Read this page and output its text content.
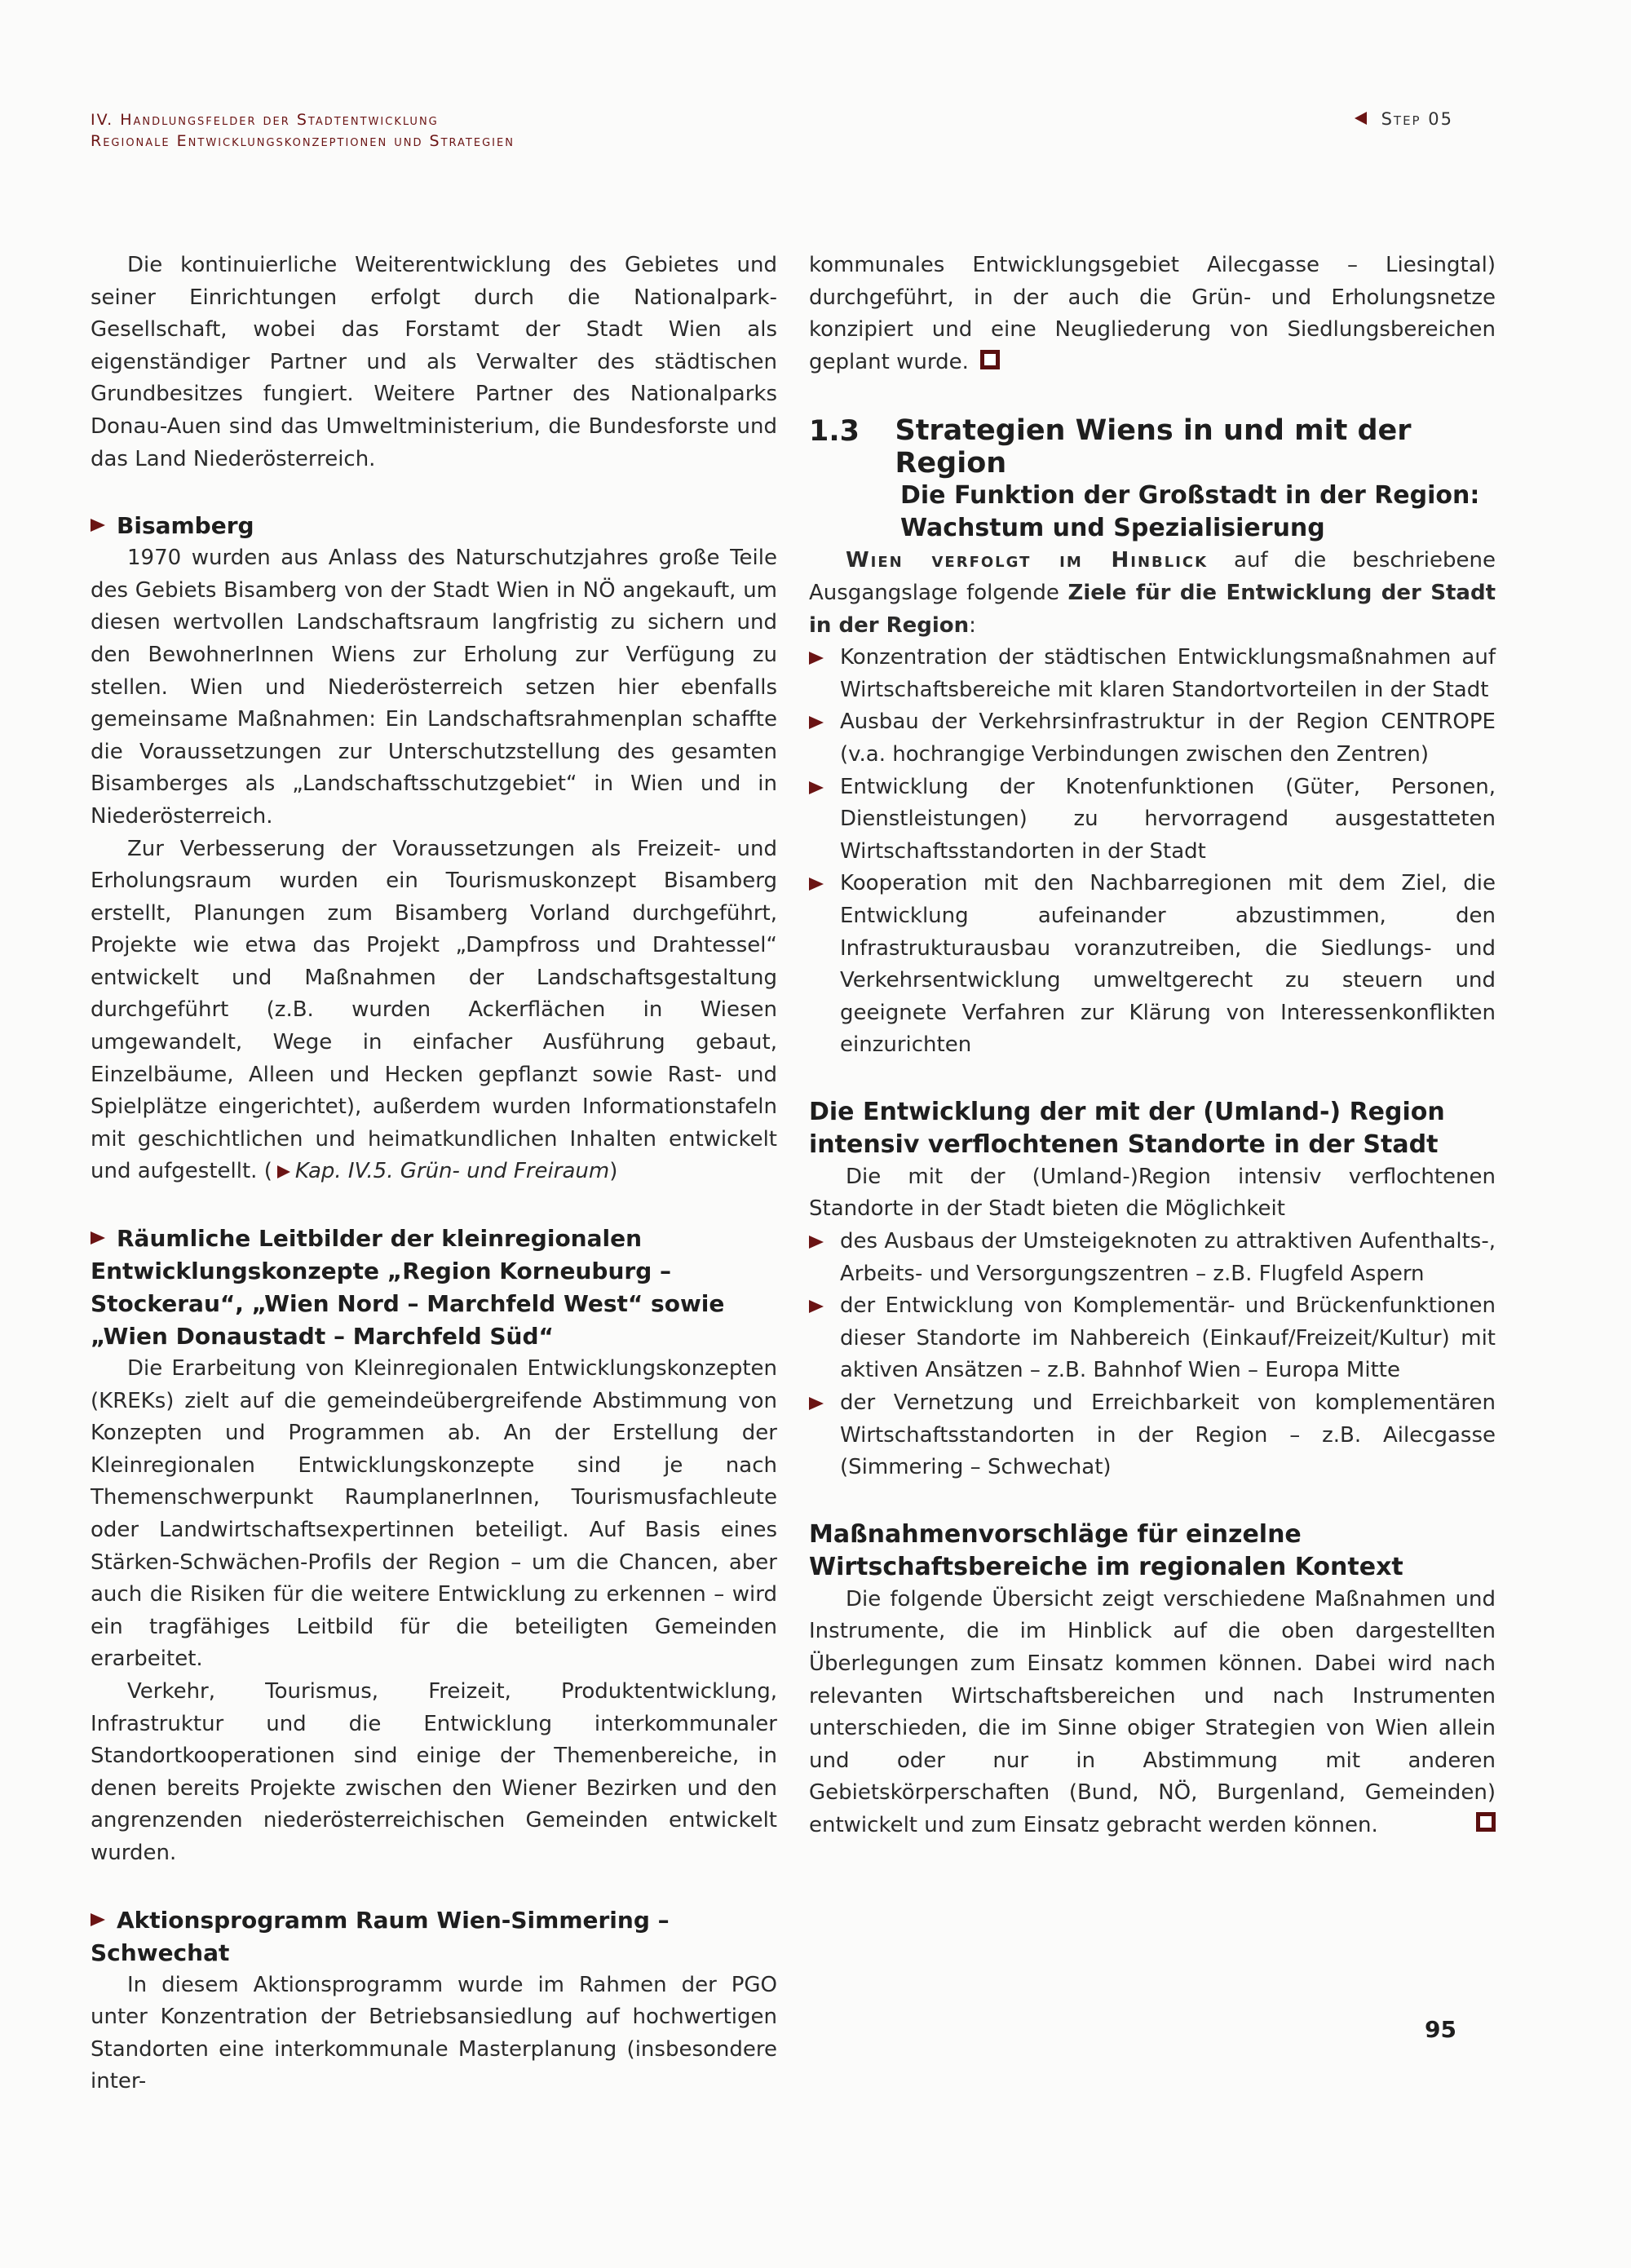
IV. Handlungsfelder der Stadtentwicklung
Regionale Entwicklungskonzeptionen und Strategien
Step 05

Die kontinuierliche Weiterentwicklung des Gebietes und seiner Einrichtungen erfolgt durch die Nationalpark-Gesellschaft, wobei das Forstamt der Stadt Wien als eigenständiger Partner und als Verwalter des städtischen Grundbesitzes fungiert. Weitere Partner des Nationalparks Donau-Auen sind das Umweltministerium, die Bundesforste und das Land Niederösterreich.

Bisamberg

1970 wurden aus Anlass des Naturschutzjahres große Teile des Gebiets Bisamberg von der Stadt Wien in NÖ angekauft, um diesen wertvollen Landschaftsraum langfristig zu sichern und den BewohnerInnen Wiens zur Erholung zur Verfügung zu stellen. Wien und Niederösterreich setzen hier ebenfalls gemeinsame Maßnahmen: Ein Landschaftsrahmenplan schaffte die Voraussetzungen zur Unterschutzstellung des gesamten Bisamberges als „Landschaftsschutzgebiet“ in Wien und in Niederösterreich.

Zur Verbesserung der Voraussetzungen als Freizeit- und Erholungsraum wurden ein Tourismuskonzept Bisamberg erstellt, Planungen zum Bisamberg Vorland durchgeführt, Projekte wie etwa das Projekt „Dampfross und Drahtessel“ entwickelt und Maßnahmen der Landschaftsgestaltung durchgeführt (z.B. wurden Ackerflächen in Wiesen umgewandelt, Wege in einfacher Ausführung gebaut, Einzelbäume, Alleen und Hecken gepflanzt sowie Rast- und Spielplätze eingerichtet), außerdem wurden Informationstafeln mit geschichtlichen und heimatkundlichen Inhalten entwickelt und aufgestellt. ( Kap. IV.5. Grün- und Freiraum)

Räumliche Leitbilder der kleinregionalen Entwicklungskonzepte „Region Korneuburg – Stockerau“, „Wien Nord – Marchfeld West“ sowie „Wien Donaustadt – Marchfeld Süd“

Die Erarbeitung von Kleinregionalen Entwicklungskonzepten (KREKs) zielt auf die gemeindeübergreifende Abstimmung von Konzepten und Programmen ab. An der Erstellung der Kleinregionalen Entwicklungskonzepte sind je nach Themenschwerpunkt RaumplanerInnen, Tourismusfachleute oder Landwirtschaftsexpertinnen beteiligt. Auf Basis eines Stärken-Schwächen-Profils der Region – um die Chancen, aber auch die Risiken für die weitere Entwicklung zu erkennen – wird ein tragfähiges Leitbild für die beteiligten Gemeinden erarbeitet.

Verkehr, Tourismus, Freizeit, Produktentwicklung, Infrastruktur und die Entwicklung interkommunaler Standortkooperationen sind einige der Themenbereiche, in denen bereits Projekte zwischen den Wiener Bezirken und den angrenzenden niederösterreichischen Gemeinden entwickelt wurden.

Aktionsprogramm Raum Wien-Simmering – Schwechat

In diesem Aktionsprogramm wurde im Rahmen der PGO unter Konzentration der Betriebsansiedlung auf hochwertigen Standorten eine interkommunale Masterplanung (insbesondere inter-

kommunales Entwicklungsgebiet Ailecgasse – Liesingtal) durchgeführt, in der auch die Grün- und Erholungsnetze konzipiert und eine Neugliederung von Siedlungsbereichen geplant wurde.

1.3	Strategien Wiens in und mit der Region
Die Funktion der Großstadt in der Region: Wachstum und Spezialisierung

Wien verfolgt im Hinblick auf die beschriebene Ausgangslage folgende Ziele für die Entwicklung der Stadt in der Region:

Konzentration der städtischen Entwicklungsmaßnahmen auf Wirtschaftsbereiche mit klaren Standortvorteilen in der Stadt
Ausbau der Verkehrsinfrastruktur in der Region CENTROPE (v.a. hochrangige Verbindungen zwischen den Zentren)
Entwicklung der Knotenfunktionen (Güter, Personen, Dienstleistungen) zu hervorragend ausgestatteten Wirtschaftsstandorten in der Stadt
Kooperation mit den Nachbarregionen mit dem Ziel, die Entwicklung aufeinander abzustimmen, den Infrastrukturausbau voranzutreiben, die Siedlungs- und Verkehrsentwicklung umweltgerecht zu steuern und geeignete Verfahren zur Klärung von Interessenkonflikten einzurichten
Die Entwicklung der mit der (Umland-) Region intensiv verflochtenen Standorte in der Stadt

Die mit der (Umland-)Region intensiv verflochtenen Standorte in der Stadt bieten die Möglichkeit

des Ausbaus der Umsteigeknoten zu attraktiven Aufenthalts-, Arbeits- und Versorgungszentren – z.B. Flugfeld Aspern
der Entwicklung von Komplementär- und Brückenfunktionen dieser Standorte im Nahbereich (Einkauf/Freizeit/Kultur) mit aktiven Ansätzen – z.B. Bahnhof Wien – Europa Mitte
der Vernetzung und Erreichbarkeit von komplementären Wirtschaftsstandorten in der Region – z.B. Ailecgasse (Simmering – Schwechat)
Maßnahmenvorschläge für einzelne Wirtschaftsbereiche im regionalen Kontext

Die folgende Übersicht zeigt verschiedene Maßnahmen und Instrumente, die im Hinblick auf die oben dargestellten Überlegungen zum Einsatz kommen können. Dabei wird nach relevanten Wirtschaftsbereichen und nach Instrumenten unterschieden, die im Sinne obiger Strategien von Wien allein und oder nur in Abstimmung mit anderen Gebietskörperschaften (Bund, NÖ, Burgenland, Gemeinden) entwickelt und zum Einsatz gebracht werden können.

95
